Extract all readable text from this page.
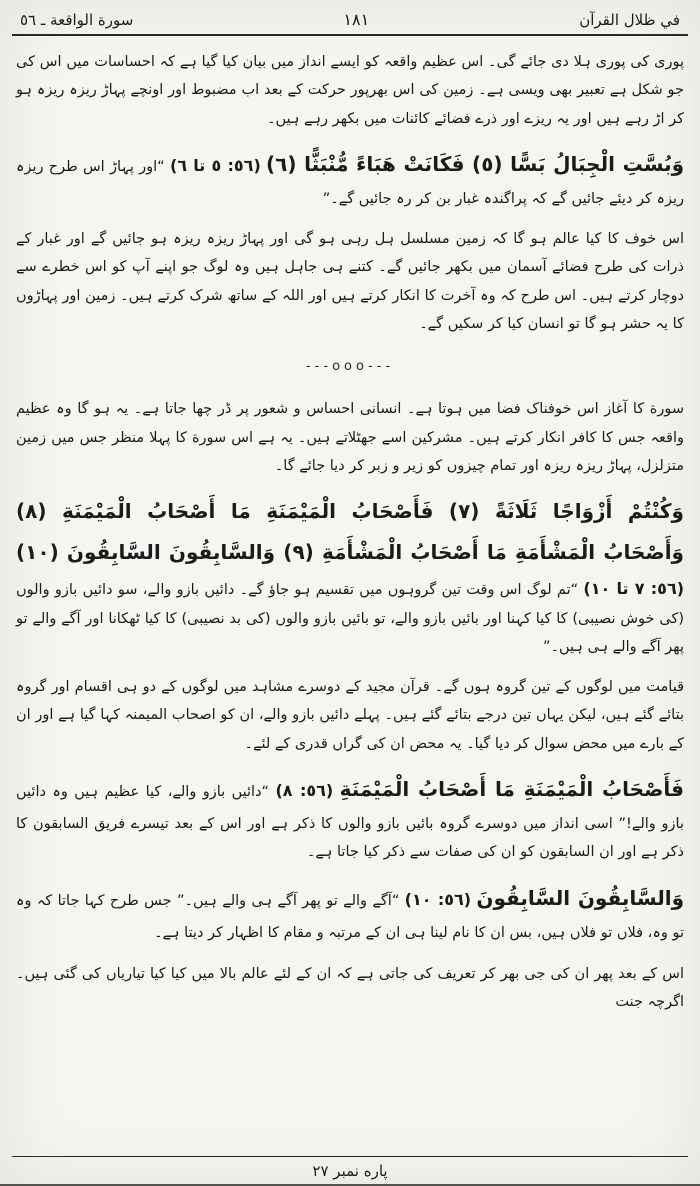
سورة الواقعة ـ ٥٦	١٨١	في ظلال القرآن

پوری کی پوری ہلا دی جائے گی۔ اس عظیم واقعہ کو ایسے انداز میں بیان کیا گیا ہے کہ احساسات میں اس کی جو شکل ہے تعبیر بھی ویسی ہے۔ زمین کی اس بھرپور حرکت کے بعد اب مضبوط اور اونچے پہاڑ ریزہ ریزہ ہو کر اڑ رہے ہیں اور یہ ریزے اور ذرے فضائے کائنات میں بکھر رہے ہیں۔

وَبُسَّتِ الْجِبَالُ بَسًّا (٥) فَكَانَتْ هَبَاءً مُّنْبَثًّا (٦) (٥٦: ٥ تا ٦) “اور پہاڑ اس طرح ریزہ ریزہ کر دیئے جائیں گے کہ پراگندہ غبار بن کر رہ جائیں گے۔”

اس خوف کا کیا عالم ہو گا کہ زمین مسلسل ہل رہی ہو گی اور پہاڑ ریزہ ریزہ ہو جائیں گے اور غبار کے ذرات کی طرح فضائے آسمان میں بکھر جائیں گے۔ کتنے ہی جاہل ہیں وہ لوگ جو اپنے آپ کو اس خطرے سے دوچار کرتے ہیں۔ اس طرح کہ وہ آخرت کا انکار کرتے ہیں اور اللہ کے ساتھ شرک کرتے ہیں۔ زمین اور پہاڑوں کا یہ حشر ہو گا تو انسان کیا کر سکیں گے۔

---ooo---

سورة کا آغاز اس خوفناک فضا میں ہوتا ہے۔ انسانی احساس و شعور پر ڈر چھا جاتا ہے۔ یہ ہو گا وہ عظیم واقعہ جس کا کافر انکار کرتے ہیں۔ مشرکین اسے جھٹلاتے ہیں۔ یہ ہے اس سورة کا پہلا منظر جس میں زمین متزلزل، پہاڑ ریزہ ریزہ اور تمام چیزوں کو زیر و زبر کر دیا جائے گا۔

وَكُنْتُمْ أَزْوَاجًا ثَلَاثَةً (٧) فَأَصْحَابُ الْمَيْمَنَةِ مَا أَصْحَابُ الْمَيْمَنَةِ (٨) وَأَصْحَابُ الْمَشْأَمَةِ مَا أَصْحَابُ الْمَشْأَمَةِ (٩) وَالسَّابِقُونَ السَّابِقُونَ (١٠) (٥٦: ٧ تا ١٠) “تم لوگ اس وقت تین گروہوں میں تقسیم ہو جاؤ گے۔ دائیں بازو والے، سو دائیں بازو والوں (کی خوش نصیبی) کا کیا کہنا اور بائیں بازو والے، تو بائیں بازو والوں (کی بد نصیبی) کا کیا ٹھکانا اور آگے والے تو پھر آگے والے ہی ہیں۔”

قیامت میں لوگوں کے تین گروہ ہوں گے۔ قرآن مجید کے دوسرے مشاہد میں لوگوں کے دو ہی اقسام اور گروہ بتائے گئے ہیں، لیکن یہاں تین درجے بتائے گئے ہیں۔ پہلے دائیں بازو والے، ان کو اصحاب المیمنہ کہا گیا ہے اور ان کے بارے میں محض سوال کر دیا گیا۔ یہ محض ان کی گراں قدری کے لئے۔

فَأَصْحَابُ الْمَيْمَنَةِ مَا أَصْحَابُ الْمَيْمَنَةِ (٥٦: ٨) “دائیں بازو والے، کیا عظیم ہیں وہ دائیں بازو والے!” اسی انداز میں دوسرے گروہ بائیں بازو والوں کا ذکر ہے اور اس کے بعد تیسرے فریق السابقون کا ذکر ہے اور ان السابقون کو ان کی صفات سے ذکر کیا جاتا ہے۔

وَالسَّابِقُونَ السَّابِقُونَ (٥٦: ١٠) “آگے والے تو پھر آگے ہی والے ہیں۔” جس طرح کہا جاتا کہ وہ تو وہ، فلاں تو فلاں ہیں، بس ان کا نام لینا ہی ان کے مرتبہ و مقام کا اظہار کر دیتا ہے۔

اس کے بعد پھر ان کی جی بھر کر تعریف کی جاتی ہے کہ ان کے لئے عالم بالا میں کیا کیا تیاریاں کی گئی ہیں۔ اگرچہ جنت

پاره نمبر ۲۷
